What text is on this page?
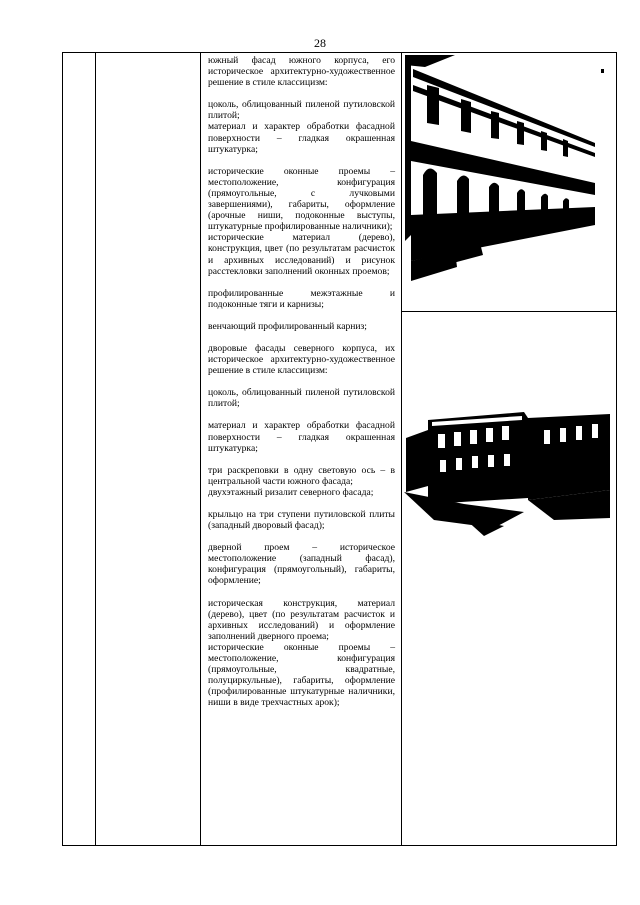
28

южный фасад южного корпуса, его историческое архитектурно-художественное решение в стиле классицизм:

цоколь, облицованный пиленой путиловской плитой;

материал и характер обработки фасадной поверхности – гладкая окрашенная штукатурка;

исторические оконные проемы – местоположение, конфигурация (прямоугольные, с лучковыми завершениями), габариты, оформление (арочные ниши, подоконные выступы, штукатурные профилированные наличники);

исторические материал (дерево), конструкция, цвет (по результатам расчисток и архивных исследований) и рисунок расстекловки заполнений оконных проемов;

профилированные межэтажные и подоконные тяги и карнизы;

венчающий профилированный карниз;

дворовые фасады северного корпуса, их историческое архитектурно-художественное решение в стиле классицизм:

цоколь, облицованный пиленой путиловской плитой;

материал и характер обработки фасадной поверхности – гладкая окрашенная штукатурка;

три раскреповки в одну световую ось – в центральной части южного фасада;

двухэтажный ризалит северного фасада;

крыльцо на три ступени путиловской плиты (западный дворовый фасад);

дверной проем – историческое местоположение (западный фасад), конфигурация (прямоугольный), габариты, оформление;

историческая конструкция, материал (дерево), цвет (по результатам расчисток и архивных исследований) и оформление заполнений дверного проема;

исторические оконные проемы – местоположение, конфигурация (прямоугольные, квадратные, полуциркульные), габариты, оформление (профилированные штукатурные наличники, ниши в виде трехчастных арок);
